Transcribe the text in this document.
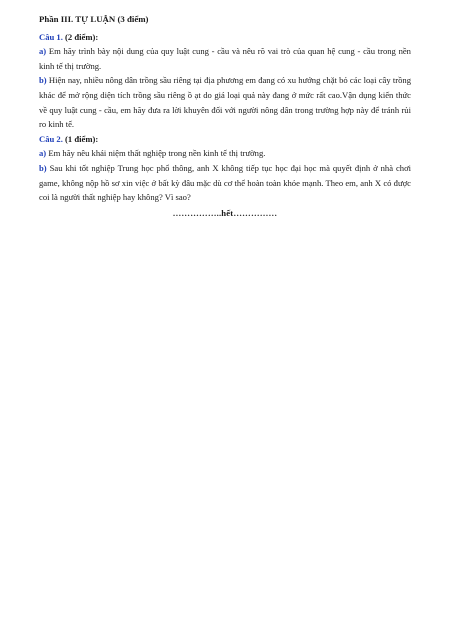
Phần III. TỰ LUẬN (3 điểm)

Câu 1. (2 điểm):

a) Em hãy trình bày nội dung của quy luật cung - cầu và nêu rõ vai trò của quan hệ cung - cầu trong nền kinh tế thị trường.

b) Hiện nay, nhiều nông dân trồng sầu riêng tại địa phương em đang có xu hướng chặt bỏ các loại cây trồng khác để mở rộng diện tích trồng sầu riêng ồ ạt do giá loại quả này đang ở mức rất cao.Vận dụng kiến thức về quy luật cung - cầu, em hãy đưa ra lời khuyên đối với người nông dân trong trường hợp này để tránh rủi ro kinh tế.

Câu 2. (1 điểm):

a) Em hãy nêu khái niệm thất nghiệp trong nền kinh tế thị trường.

b) Sau khi tốt nghiệp Trung học phổ thông, anh X không tiếp tục học đại học mà quyết định ở nhà chơi game, không nộp hồ sơ xin việc ở bất kỳ đâu mặc dù cơ thể hoàn toàn khỏe mạnh. Theo em, anh X có được coi là người thất nghiệp hay không? Vì sao?

……………..hết……………
